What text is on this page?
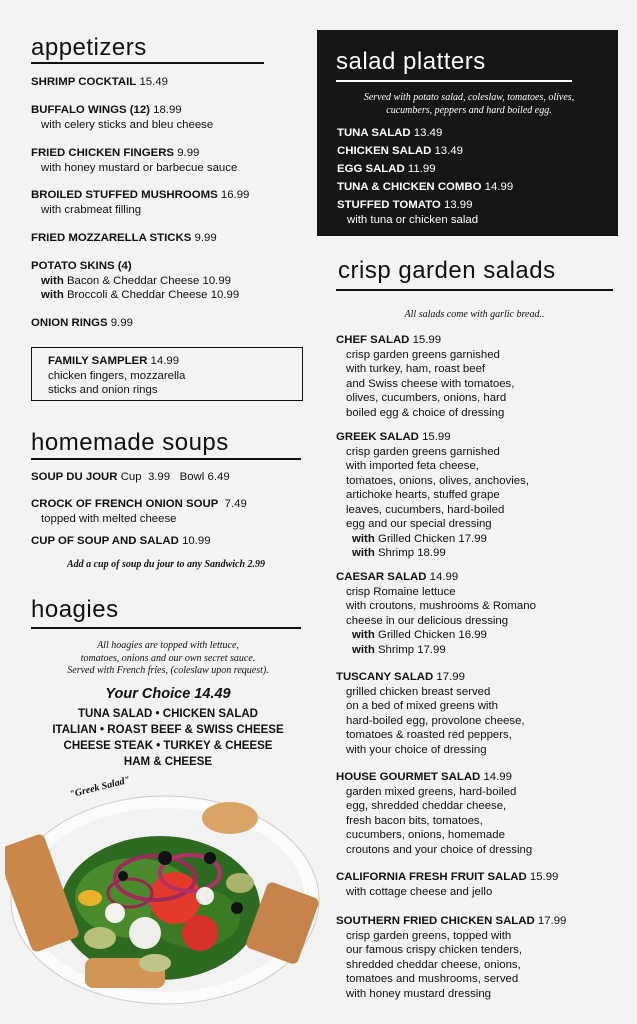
appetizers
SHRIMP COCKTAIL 15.49
BUFFALO WINGS (12) 18.99
with celery sticks and bleu cheese
FRIED CHICKEN FINGERS 9.99
with honey mustard or barbecue sauce
BROILED STUFFED MUSHROOMS 16.99
with crabmeat filling
FRIED MOZZARELLA STICKS 9.99
POTATO SKINS (4)
with Bacon & Cheddar Cheese 10.99
with Broccoli & Cheddar Cheese 10.99
ONION RINGS 9.99
FAMILY SAMPLER 14.99
chicken fingers, mozzarella
sticks and onion rings
homemade soups
SOUP DU JOUR Cup 3.99 Bowl 6.49
CROCK OF FRENCH ONION SOUP 7.49
topped with melted cheese
CUP OF SOUP AND SALAD 10.99
Add a cup of soup du jour to any Sandwich 2.99
hoagies
All hoagies are topped with lettuce,
tomatoes, onions and our own secret sauce.
Served with French fries, (coleslaw upon request).
Your Choice 14.49
TUNA SALAD • CHICKEN SALAD
ITALIAN • ROAST BEEF & SWISS CHEESE
CHEESE STEAK • TURKEY & CHEESE
HAM & CHEESE
"Greek Salad"
salad platters
Served with potato salad, coleslaw, tomatoes, olives,
cucumbers, peppers and hard boiled egg.
TUNA SALAD 13.49
CHICKEN SALAD 13.49
EGG SALAD 11.99
TUNA & CHICKEN COMBO 14.99
STUFFED TOMATO 13.99
with tuna or chicken salad
crisp garden salads
All salads come with garlic bread..
CHEF SALAD 15.99
crisp garden greens garnished
with turkey, ham, roast beef
and Swiss cheese with tomatoes,
olives, cucumbers, onions, hard
boiled egg & choice of dressing
GREEK SALAD 15.99
crisp garden greens garnished
with imported feta cheese,
tomatoes, onions, olives, anchovies,
artichoke hearts, stuffed grape
leaves, cucumbers, hard-boiled
egg and our special dressing
with Grilled Chicken 17.99
with Shrimp 18.99
CAESAR SALAD 14.99
crisp Romaine lettuce
with croutons, mushrooms & Romano
cheese in our delicious dressing
with Grilled Chicken 16.99
with Shrimp 17.99
TUSCANY SALAD 17.99
grilled chicken breast served
on a bed of mixed greens with
hard-boiled egg, provolone cheese,
tomatoes & roasted red peppers,
with your choice of dressing
HOUSE GOURMET SALAD 14.99
garden mixed greens, hard-boiled
egg, shredded cheddar cheese,
fresh bacon bits, tomatoes,
cucumbers, onions, homemade
croutons and your choice of dressing
CALIFORNIA FRESH FRUIT SALAD 15.99
with cottage cheese and jello
SOUTHERN FRIED CHICKEN SALAD 17.99
crisp garden greens, topped with
our famous crispy chicken tenders,
shredded cheddar cheese, onions,
tomatoes and mushrooms, served
with honey mustard dressing
